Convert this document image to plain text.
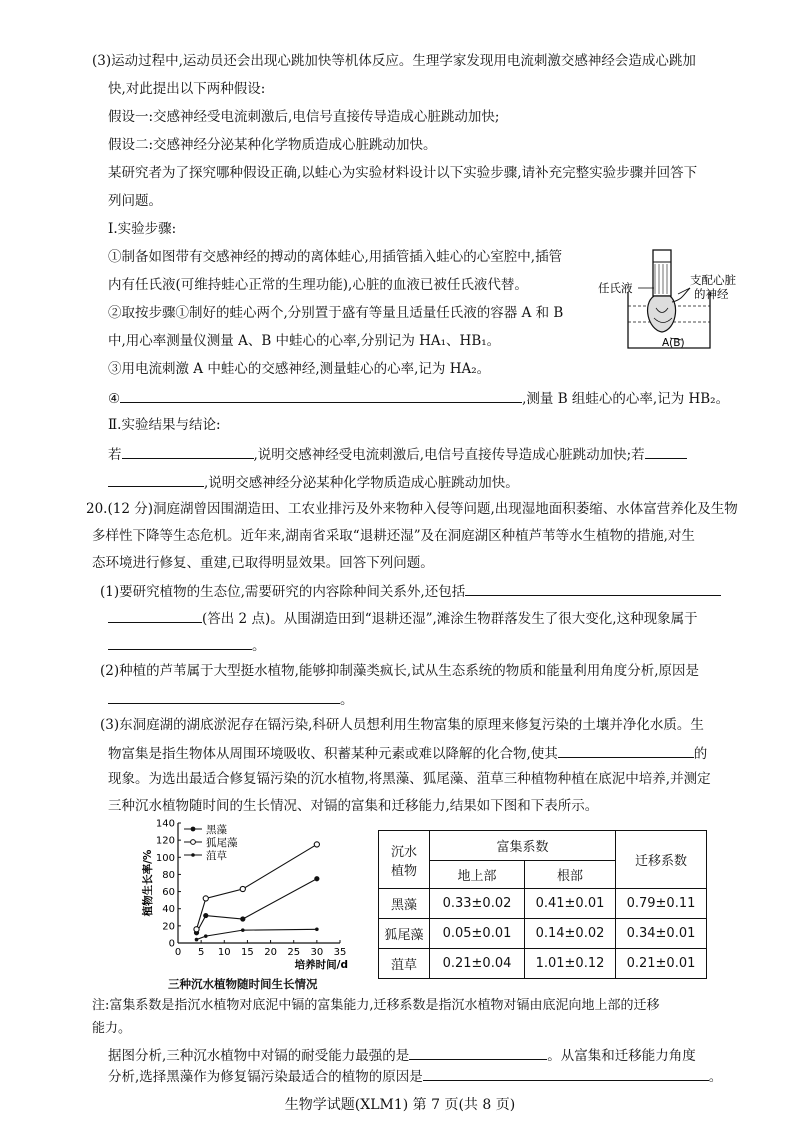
(3)运动过程中,运动员还会出现心跳加快等机体反应。生理学家发现用电流刺激交感神经会造成心跳加
快,对此提出以下两种假设:
假设一:交感神经受电流刺激后,电信号直接传导造成心脏跳动加快;
假设二:交感神经分泌某种化学物质造成心脏跳动加快。
某研究者为了探究哪种假设正确,以蛙心为实验材料设计以下实验步骤,请补充完整实验步骤并回答下
列问题。
Ⅰ.实验步骤:
①制备如图带有交感神经的搏动的离体蛙心,用插管插入蛙心的心室腔中,插管
内有任氏液(可维持蛙心正常的生理功能),心脏的血液已被任氏液代替。
②取按步骤①制好的蛙心两个,分别置于盛有等量且适量任氏液的容器 A 和 B
中,用心率测量仪测量 A、B 中蛙心的心率,分别记为 HA₁、HB₁。
③用电流刺激 A 中蛙心的交感神经,测量蛙心的心率,记为 HA₂。
④	,测量 B 组蛙心的心率,记为 HB₂。
Ⅱ.实验结果与结论:
若	,说明交感神经受电流刺激后,电信号直接传导造成心脏跳动加快;若
,说明交感神经分泌某种化学物质造成心脏跳动加快。
任氏液
支配心脏
的神经
A(B)
20.(12 分)洞庭湖曾因围湖造田、工农业排污及外来物种入侵等问题,出现湿地面积萎缩、水体富营养化及生物
多样性下降等生态危机。近年来,湖南省采取“退耕还湿”及在洞庭湖区种植芦苇等水生植物的措施,对生
态环境进行修复、重建,已取得明显效果。回答下列问题。
(1)要研究植物的生态位,需要研究的内容除种间关系外,还包括
(答出 2 点)。从围湖造田到“退耕还湿”,滩涂生物群落发生了很大变化,这种现象属于
。
(2)种植的芦苇属于大型挺水植物,能够抑制藻类疯长,试从生态系统的物质和能量利用角度分析,原因是
。
(3)东洞庭湖的湖底淤泥存在镉污染,科研人员想利用生物富集的原理来修复污染的土壤并净化水质。生
物富集是指生物体从周围环境吸收、积蓄某种元素或难以降解的化合物,使其	的
现象。为选出最适合修复镉污染的沉水植物,将黑藻、狐尾藻、菹草三种植物种植在底泥中培养,并测定
三种沉水植物随时间的生长情况、对镉的富集和迁移能力,结果如下图和下表所示。
0
20
40
60
80
100
120
140
0 5 10 15 20 25 30 35
培养时间/d
植物生长率/%
黑藻
狐尾藻
菹草	沉水
植物	富集系数		迁移系数
	地上部	根部	
黑藻	0.33±0.02	0.41±0.01	0.79±0.11
狐尾藻	0.05±0.01	0.14±0.02	0.34±0.01
菹草	0.21±0.04	1.01±0.12	0.21±0.01
三种沉水植物随时间生长情况
注:富集系数是指沉水植物对底泥中镉的富集能力,迁移系数是指沉水植物对镉由底泥向地上部的迁移
能力。
据图分析,三种沉水植物中对镉的耐受能力最强的是	。从富集和迁移能力角度
分析,选择黑藻作为修复镉污染最适合的植物的原因是	。
生物学试题(XLM1) 第 7 页(共 8 页)
